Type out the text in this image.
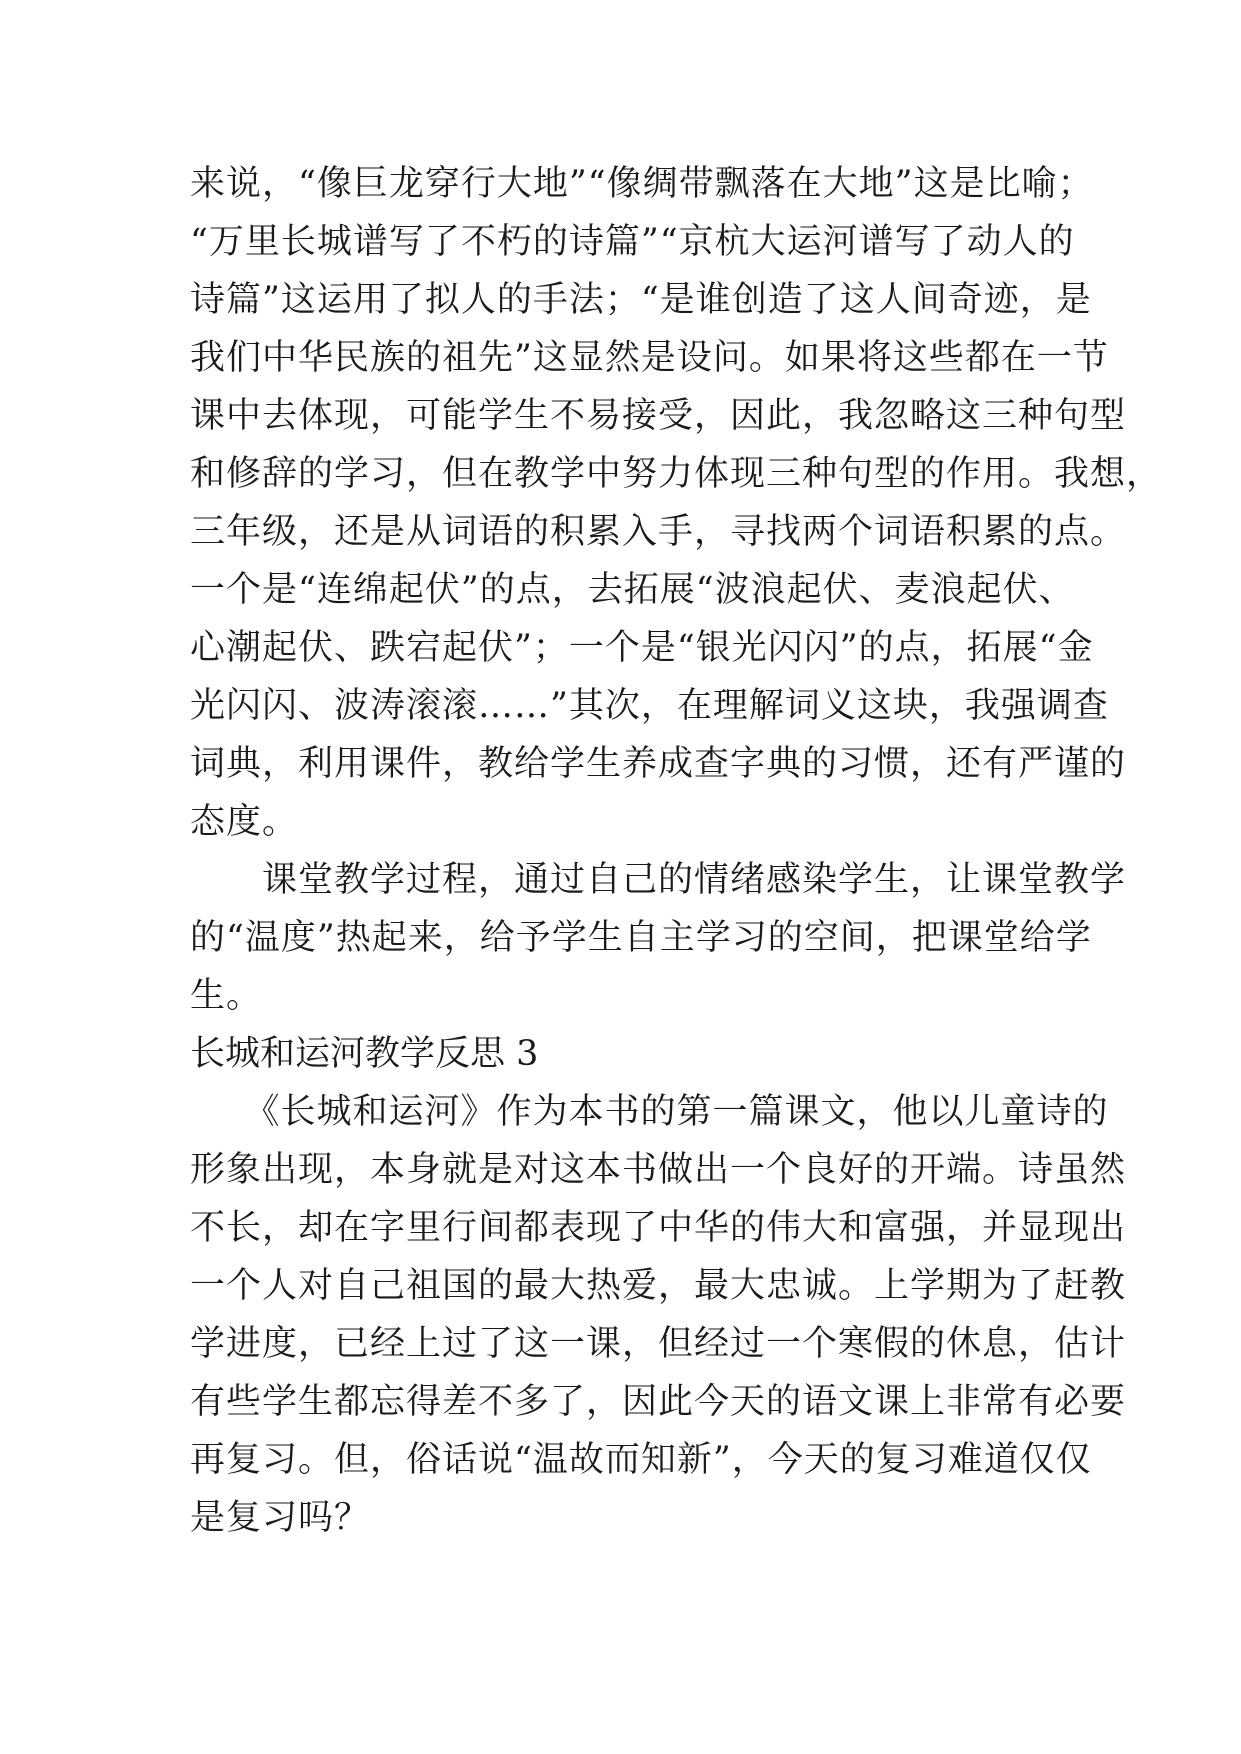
来说，“像巨龙穿行大地”“像绸带飘落在大地”这是比喻；
“万里长城谱写了不朽的诗篇”“京杭大运河谱写了动人的
诗篇”这运用了拟人的手法；“是谁创造了这人间奇迹，是
我们中华民族的祖先”这显然是设问。如果将这些都在一节
课中去体现，可能学生不易接受，因此，我忽略这三种句型
和修辞的学习，但在教学中努力体现三种句型的作用。我想，
三年级，还是从词语的积累入手，寻找两个词语积累的点。
一个是“连绵起伏”的点，去拓展“波浪起伏、麦浪起伏、
心潮起伏、跌宕起伏”；一个是“银光闪闪”的点，拓展“金
光闪闪、波涛滚滚……”其次，在理解词义这块，我强调查
词典，利用课件，教给学生养成查字典的习惯，还有严谨的
态度。
　　课堂教学过程，通过自己的情绪感染学生，让课堂教学
的“温度”热起来，给予学生自主学习的空间，把课堂给学
生。
长城和运河教学反思 3
　　《长城和运河》作为本书的第一篇课文，他以儿童诗的
形象出现，本身就是对这本书做出一个良好的开端。诗虽然
不长，却在字里行间都表现了中华的伟大和富强，并显现出
一个人对自己祖国的最大热爱，最大忠诚。上学期为了赶教
学进度，已经上过了这一课，但经过一个寒假的休息，估计
有些学生都忘得差不多了，因此今天的语文课上非常有必要
再复习。但，俗话说“温故而知新”，今天的复习难道仅仅
是复习吗？
